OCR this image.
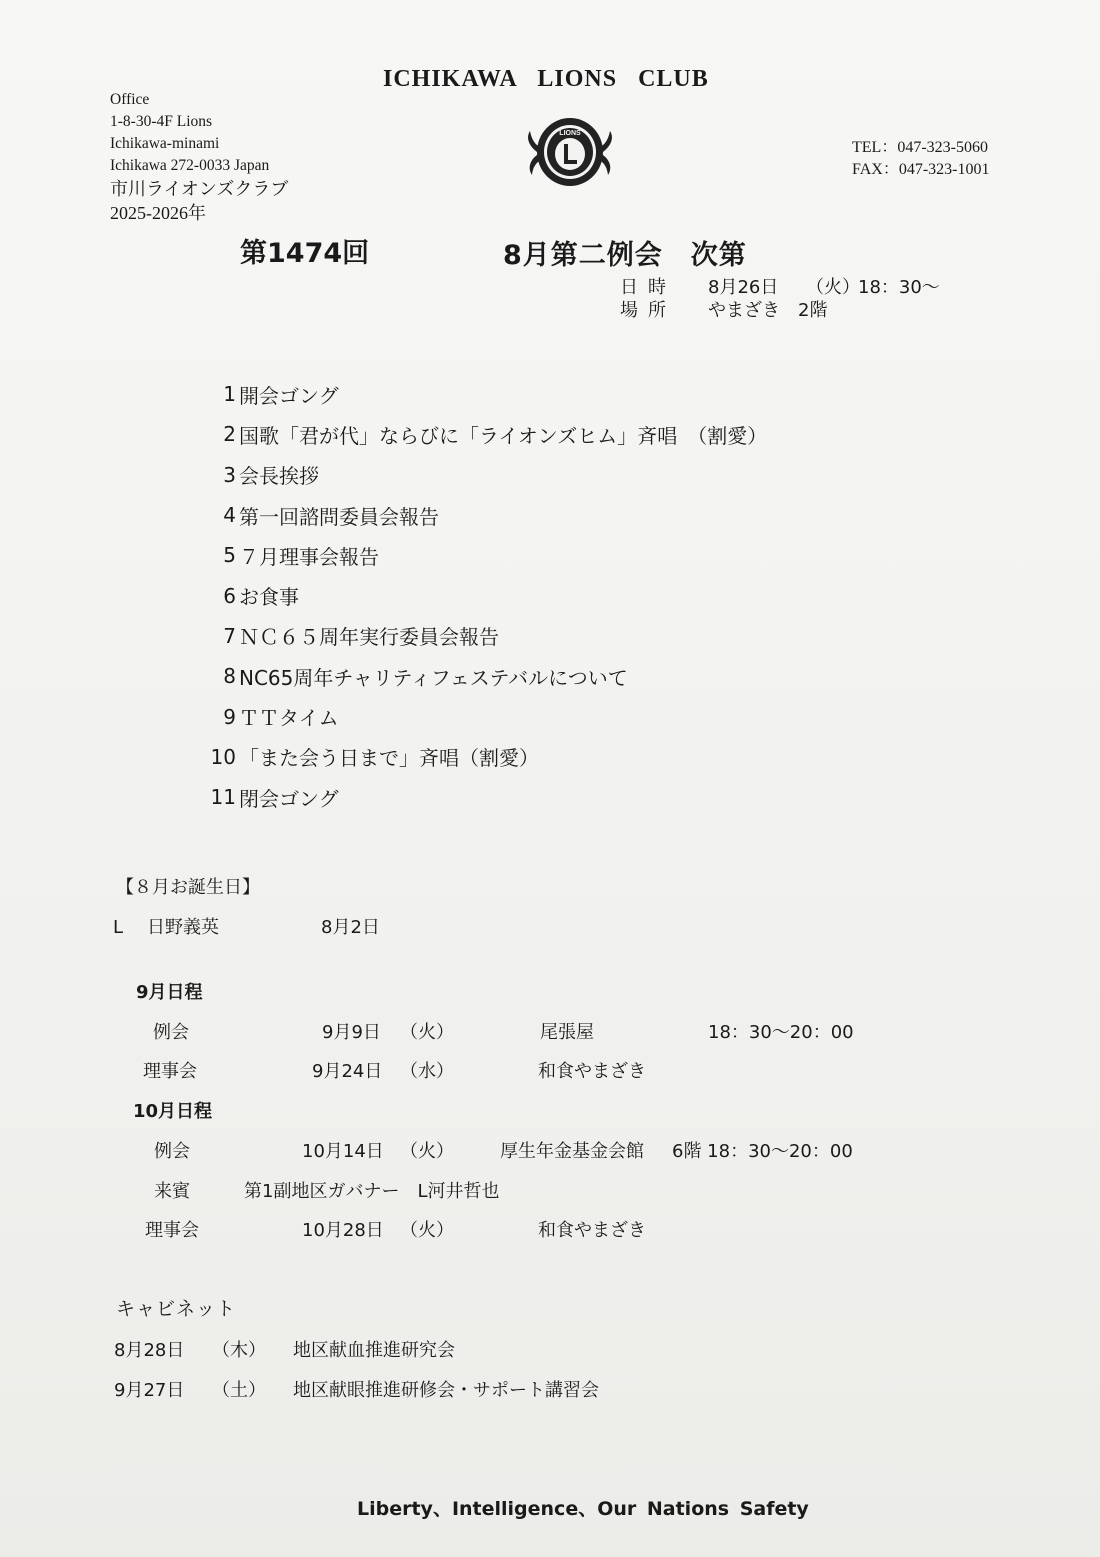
ICHIKAWA LIONS CLUB
Office
1-8-30-4F Lions
Ichikawa-minami
Ichikawa 272-0033 Japan
市川ライオンズクラブ
2025-2026年
LIONS
TEL：047-323-5060
FAX：047-323-1001
第1474回	8月第二例会　次第
日時 8月26日 （火）18：30～
場所 やまざき　2階
1 開会ゴング
2 国歌「君が代」ならびに「ライオンズヒム」斉唱　（割愛）
3 会長挨拶
4 第一回諮問委員会報告
5 ７月理事会報告
6 お食事
7 ＮＣ６５周年実行委員会報告
8 NC65周年チャリティフェステバルについて
9 ＴＴタイム
10 「また会う日まで」斉唱（割愛）
11 閉会ゴング
【８月お誕生日】
L 日野義英	8月2日
9月日程
例会	9月9日 （火）	尾張屋	18：30～20：00
理事会	9月24日 （水）	和食やまざき
10月日程
例会	10月14日 （火）	厚生年金基金会館 6階 18：30～20：00
来賓	第1副地区ガバナー　L河井哲也
理事会	10月28日 （火）	和食やまざき
キャビネット
8月28日 （木） 地区献血推進研究会
9月27日 （土） 地区献眼推進研修会・サポート講習会
Liberty、Intelligence、Our Nations Safety
